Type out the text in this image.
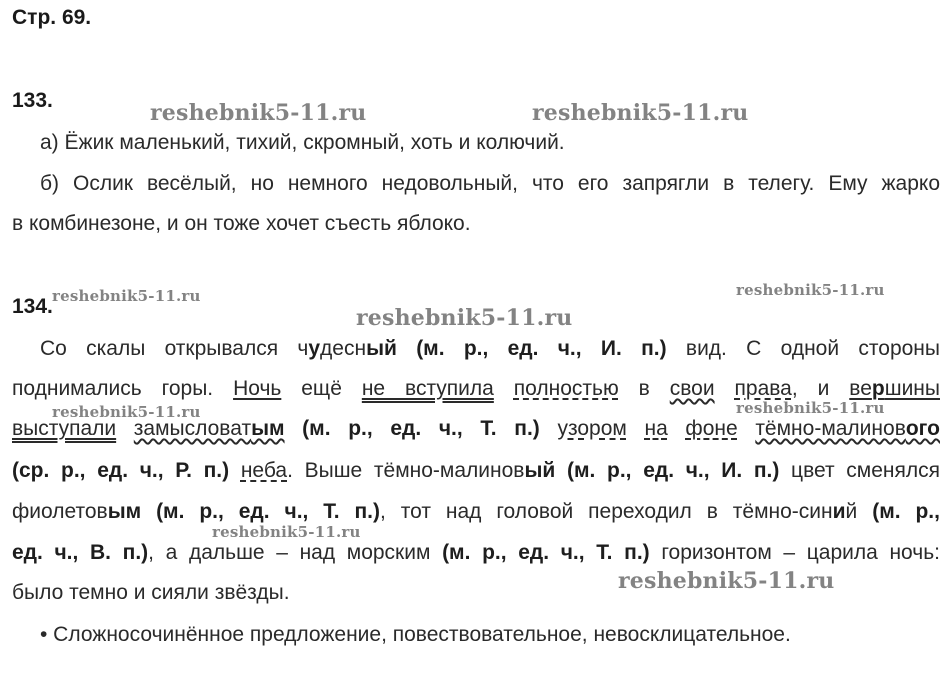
Стр. 69.
133.
а) Ёжик маленький, тихий, скромный, хоть и колючий.
б) Ослик весёлый, но немного недовольный, что его запрягли в телегу. Ему жарко
в комбинезоне, и он тоже хочет съесть яблоко.
134.
Со скалы открывался чудесный (м. р., ед. ч., И. п.) вид. С одной стороны
поднимались горы. Ночь ещё не вступила полностью в свои права, и вершины
выступали замысловатым (м. р., ед. ч., Т. п.) узором на фоне тёмно-малинового
(ср. р., ед. ч., Р. п.) неба. Выше тёмно-малиновый (м. р., ед. ч., И. п.) цвет сменялся
фиолетовым (м. р., ед. ч., Т. п.), тот над головой переходил в тёмно-синий (м. р.,
ед. ч., В. п.), а дальше – над морским (м. р., ед. ч., Т. п.) горизонтом – царила ночь:
было темно и сияли звёзды.
• Сложносочинённое предложение, повествовательное, невосклицательное.
reshebnik5-11.ru	reshebnik5-11.ru
reshebnik5-11.ru	reshebnik5-11.ru
reshebnik5-11.ru
reshebnik5-11.ru	reshebnik5-11.ru
reshebnik5-11.ru
reshebnik5-11.ru
